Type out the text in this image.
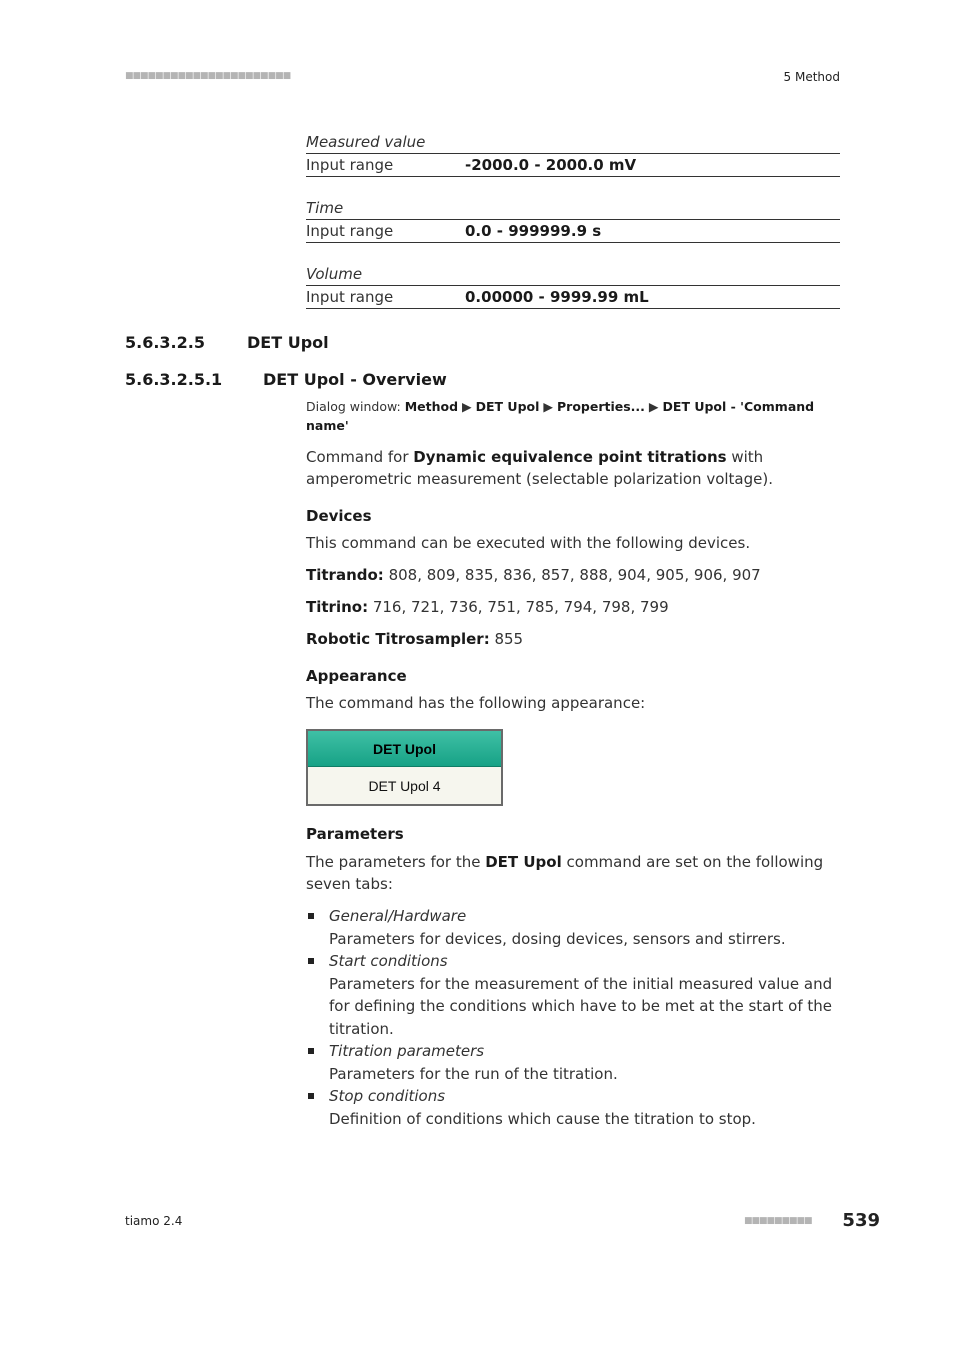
■■■■■■■■■■■■■■■■■■■■■■	5 Method
Measured value
Input range	-2000.0 - 2000.0 mV
Time
Input range	0.0 - 999999.9 s
Volume
Input range	0.00000 - 9999.99 mL
5.6.3.2.5	DET Upol
5.6.3.2.5.1	DET Upol - Overview
Dialog window: Method ▶ DET Upol ▶ Properties... ▶ DET Upol - 'Command name'
Command for Dynamic equivalence point titrations with amperometric measurement (selectable polarization voltage).
Devices
This command can be executed with the following devices.
Titrando: 808, 809, 835, 836, 857, 888, 904, 905, 906, 907
Titrino: 716, 721, 736, 751, 785, 794, 798, 799
Robotic Titrosampler: 855
Appearance
The command has the following appearance:
DET Upol
DET Upol 4
Parameters
The parameters for the DET Upol command are set on the following seven tabs:
General/Hardware
Parameters for devices, dosing devices, sensors and stirrers.
Start conditions
Parameters for the measurement of the initial measured value and for defining the conditions which have to be met at the start of the titration.
Titration parameters
Parameters for the run of the titration.
Stop conditions
Definition of conditions which cause the titration to stop.
tiamo 2.4	■■■■■■■■■ 539
